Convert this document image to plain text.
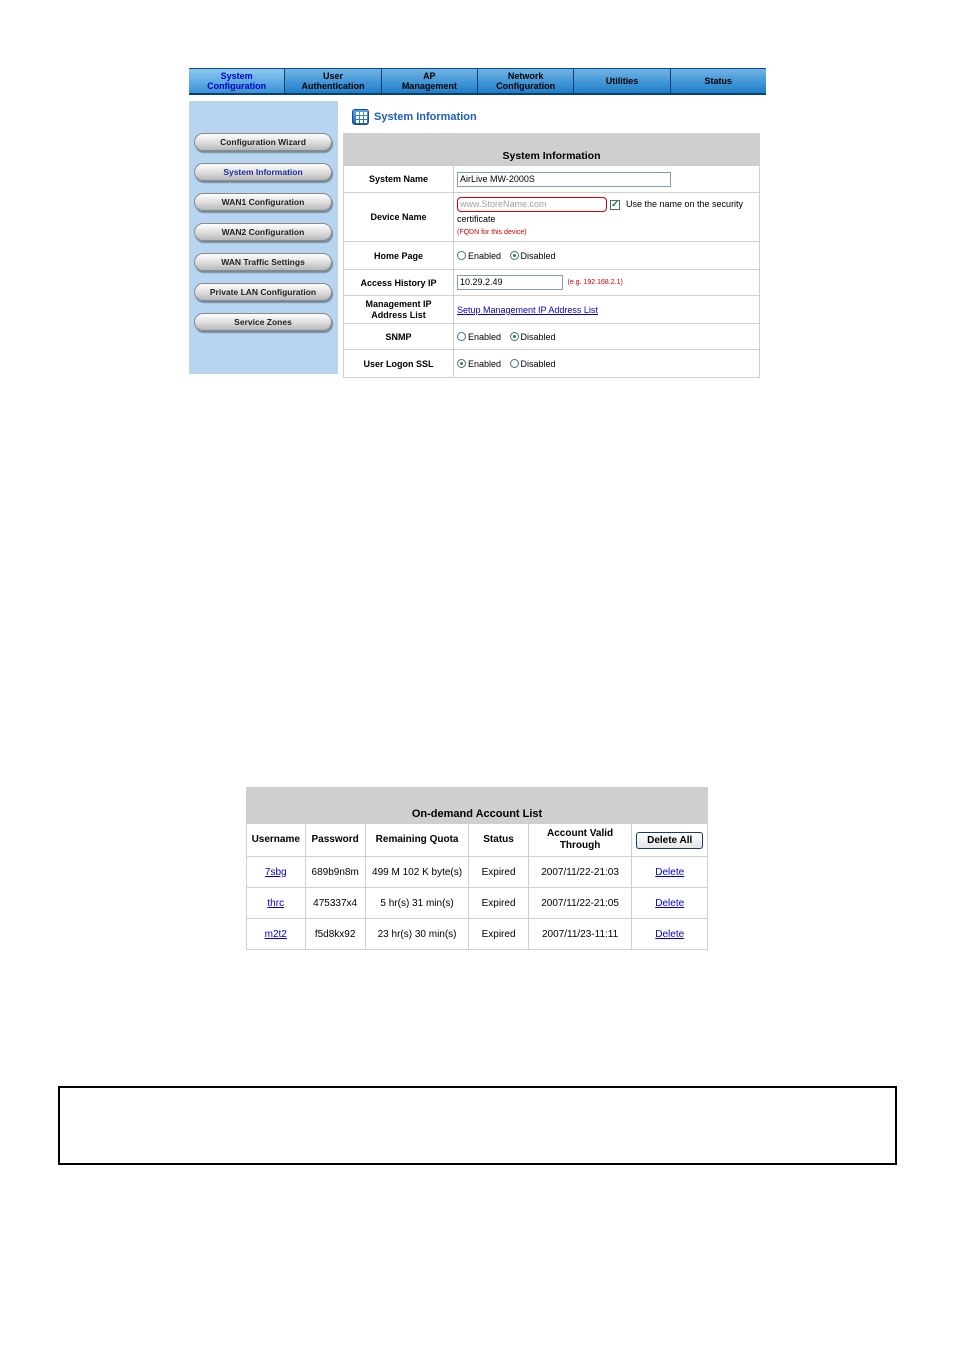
System
Configuration
User
Authentication
AP
Management
Network
Configuration	Utilities	Status
Configuration Wizard
System Information
WAN1 Configuration
WAN2 Configuration
WAN Traffic Settings
Private LAN Configuration
Service Zones
System Information
System Information	
System Name	AirLive MW-2000S
Device Name	www.StoreName.com ✓ Use the name on the security
certificate
(FQDN for this device)

Home Page	Enabled Disabled
Access History IP	10.29.2.49 (e.g. 192.168.2.1)
Management IP
Address List	Setup Management IP Address List
SNMP	Enabled Disabled
User Logon SSL	Enabled Disabled
On-demand Account List					
Username	Password	Remaining Quota	Status	Account Valid
Through	Delete All
7sbg	689b9n8m	499 M 102 K byte(s)	Expired	2007/11/22-21:03	Delete
thrc	475337x4	5 hr(s) 31 min(s)	Expired	2007/11/22-21:05	Delete
m2t2	f5d8kx92	23 hr(s) 30 min(s)	Expired	2007/11/23-11:11	Delete
